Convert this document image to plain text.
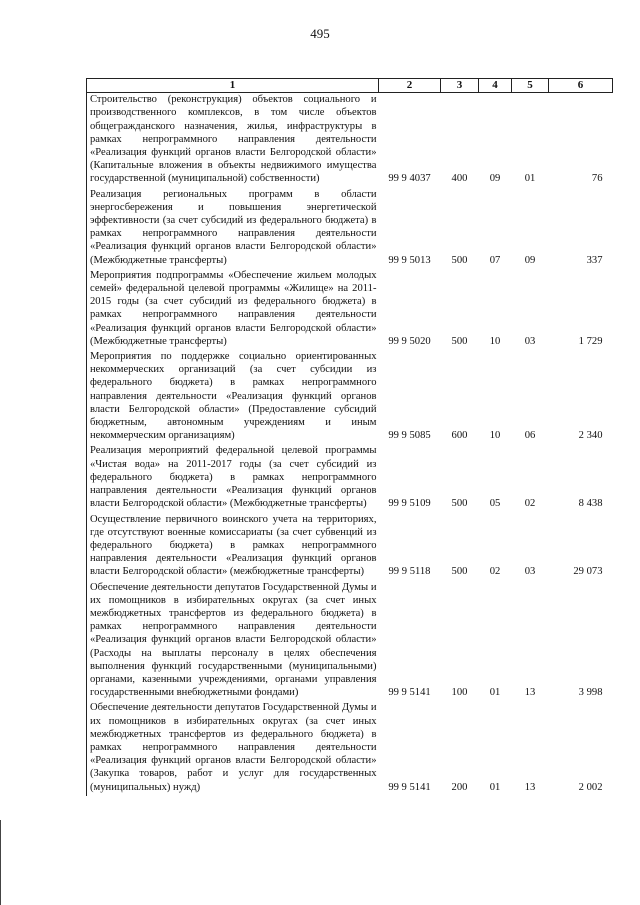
495
1	2	3	4	5	6
Строительство (реконструкция) объектов социального и производственного комплексов, в том числе объектов общегражданского назначения, жилья, инфраструктуры в рамках непрограммного направления деятельности «Реализация функций органов власти Белгородской области» (Капитальные вложения в объекты недвижимого имущества государственной (муниципальной) собственности)	99 9 4037	400	09	01	76
Реализация региональных программ в области энергосбережения и повышения энергетической эффективности (за счет субсидий из федерального бюджета) в рамках непрограммного направления деятельности «Реализация функций органов власти Белгородской области» (Межбюджетные трансферты)	99 9 5013	500	07	09	337
Мероприятия подпрограммы «Обеспечение жильем молодых семей» федеральной целевой программы «Жилище» на 2011-2015 годы (за счет субсидий из федерального бюджета) в рамках непрограммного направления деятельности «Реализация функций органов власти Белгородской области» (Межбюджетные трансферты)	99 9 5020	500	10	03	1 729
Мероприятия по поддержке социально ориентированных некоммерческих организаций (за счет субсидии из федерального бюджета) в рамках непрограммного направления деятельности «Реализация функций органов власти Белгородской области» (Предоставление субсидий бюджетным, автономным учреждениям и иным некоммерческим организациям)	99 9 5085	600	10	06	2 340
Реализация мероприятий федеральной целевой программы «Чистая вода» на 2011-2017 годы (за счет субсидий из федерального бюджета) в рамках непрограммного направления деятельности «Реализация функций органов власти Белгородской области» (Межбюджетные трансферты)	99 9 5109	500	05	02	8 438
Осуществление первичного воинского учета на территориях, где отсутствуют военные комиссариаты (за счет субвенций из федерального бюджета) в рамках непрограммного направления деятельности «Реализация функций органов власти Белгородской области» (межбюджетные трансферты)	99 9 5118	500	02	03	29 073
Обеспечение деятельности депутатов Государственной Думы и их помощников в избирательных округах (за счет иных межбюджетных трансфертов из федерального бюджета) в рамках непрограммного направления деятельности «Реализация функций органов власти Белгородской области» (Расходы на выплаты персоналу в целях обеспечения выполнения функций государственными (муниципальными) органами, казенными учреждениями, органами управления государственными внебюджетными фондами)	99 9 5141	100	01	13	3 998
Обеспечение деятельности депутатов Государственной Думы и их помощников в избирательных округах (за счет иных межбюджетных трансфертов из федерального бюджета) в рамках непрограммного направления деятельности «Реализация функций органов власти Белгородской области» (Закупка товаров, работ и услуг для государственных (муниципальных) нужд)	99 9 5141	200	01	13	2 002
